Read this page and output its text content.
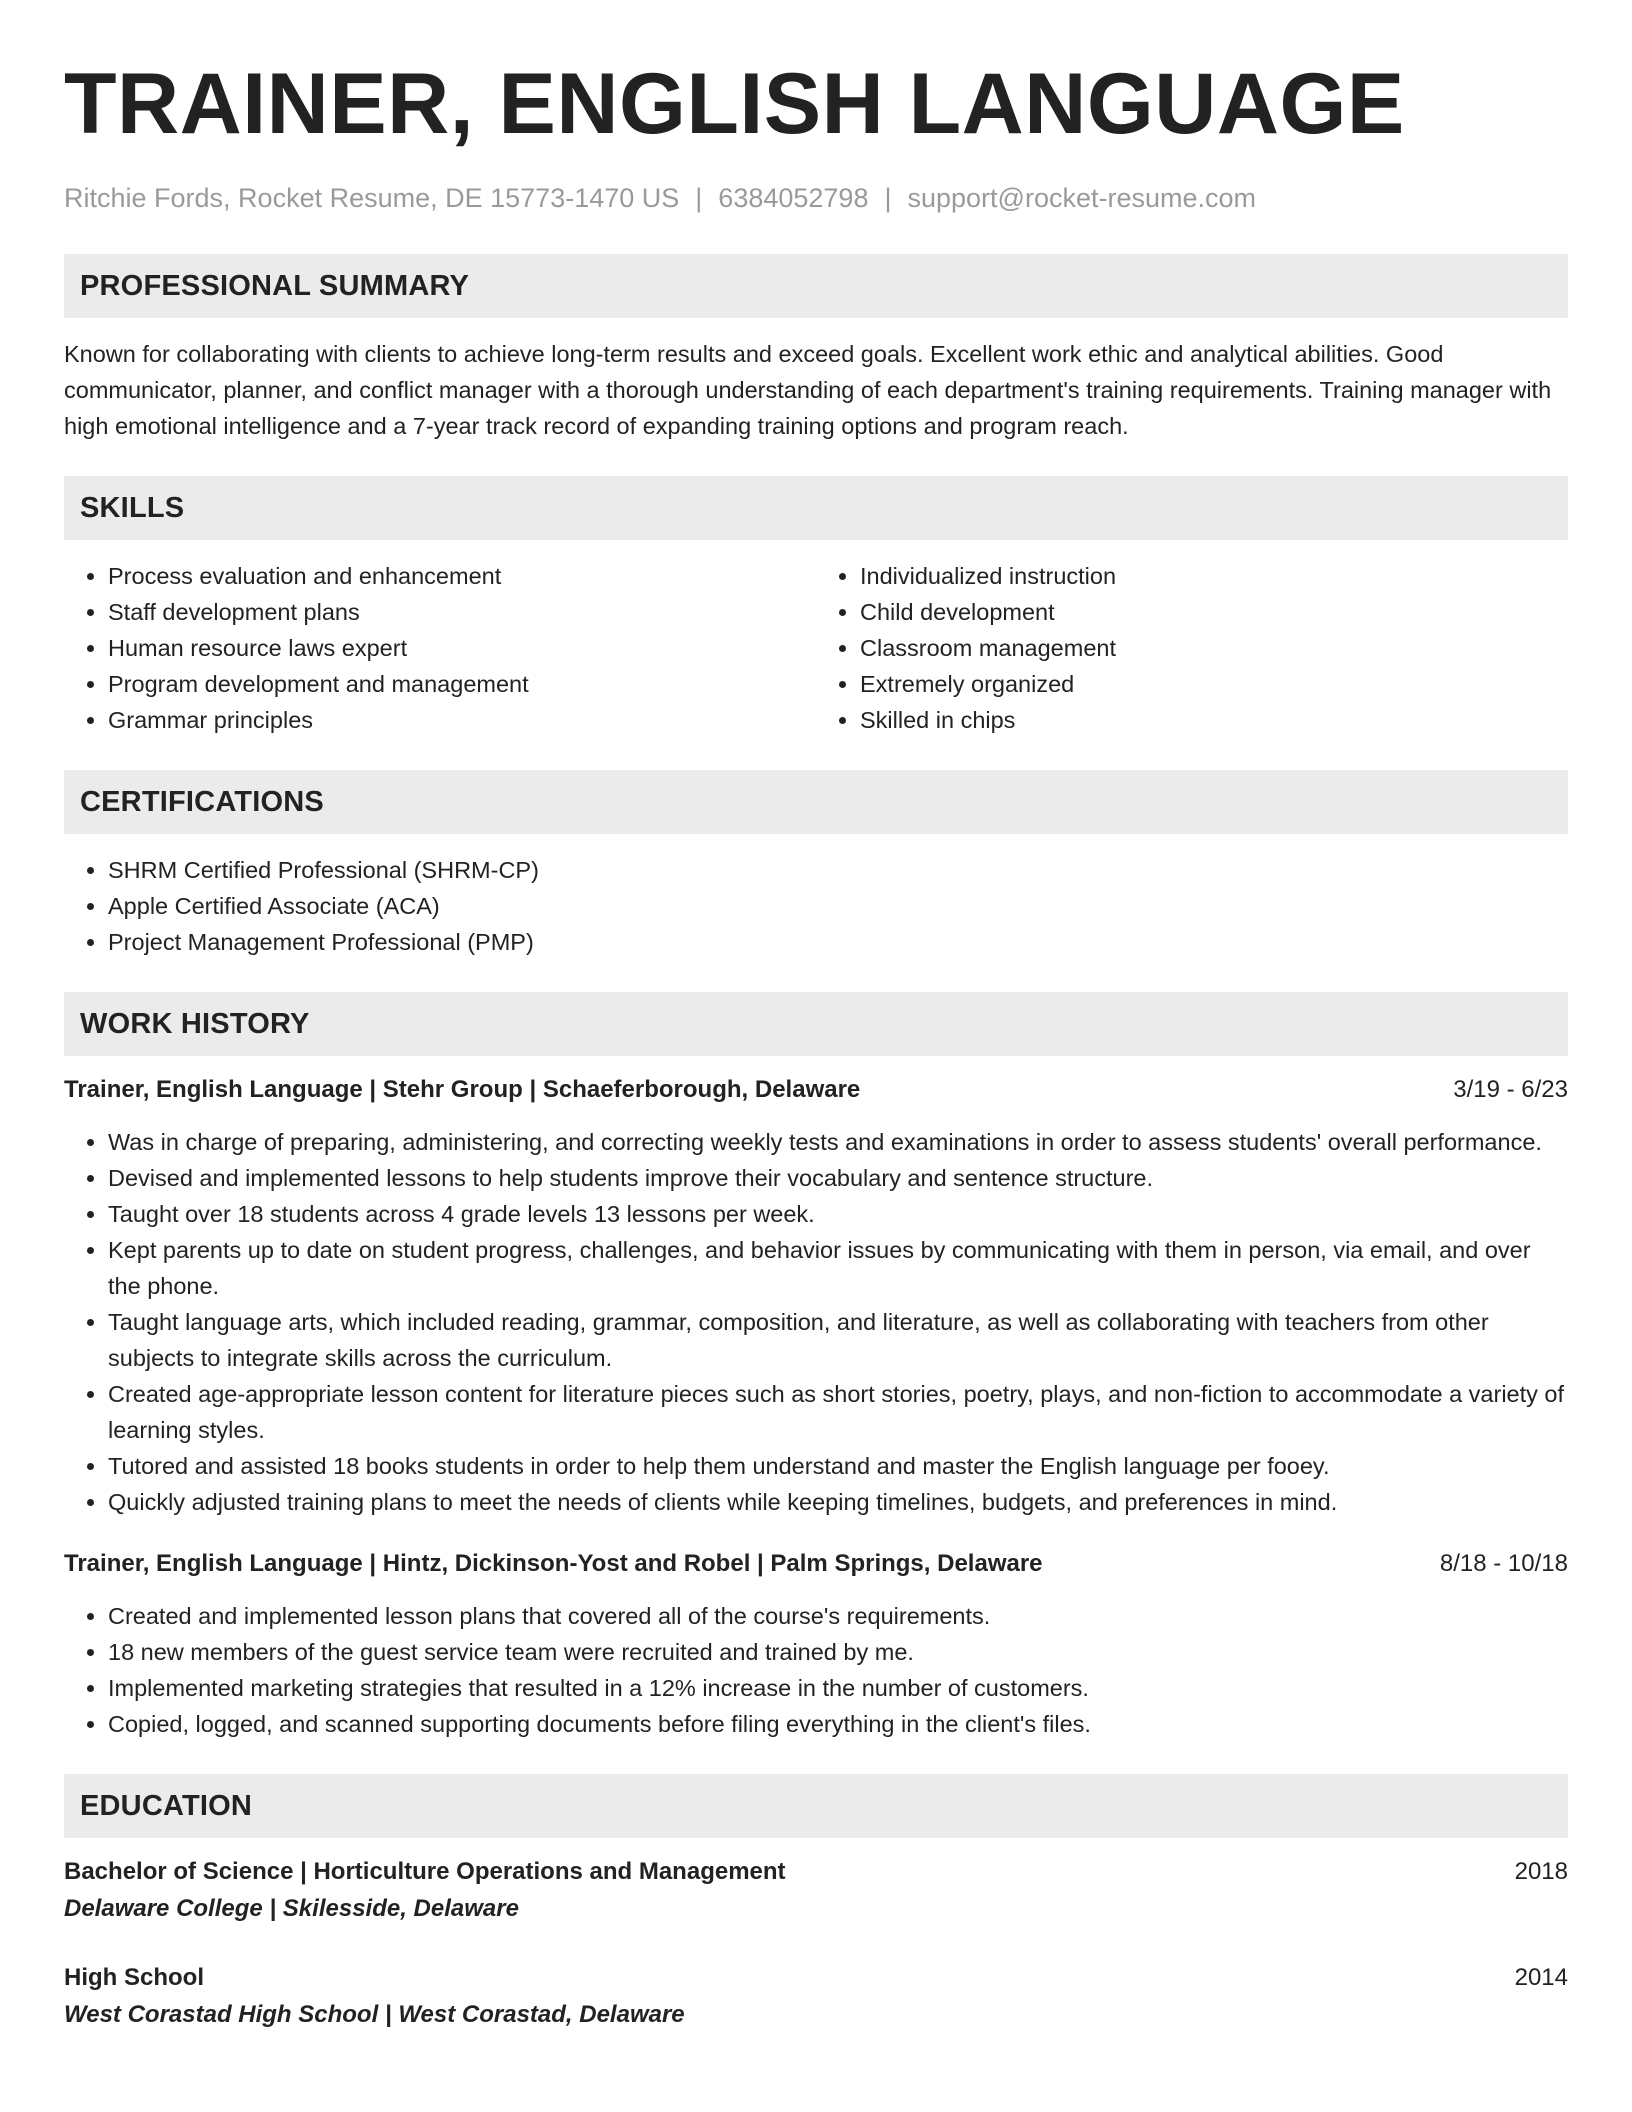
TRAINER, ENGLISH LANGUAGE
Ritchie Fords, Rocket Resume, DE 15773-1470 US | 6384052798 | support@rocket-resume.com
PROFESSIONAL SUMMARY

Known for collaborating with clients to achieve long-term results and exceed goals. Excellent work ethic and analytical abilities. Good communicator, planner, and conflict manager with a thorough understanding of each department's training requirements. Training manager with high emotional intelligence and a 7-year track record of expanding training options and program reach.

SKILLS
• Process evaluation and enhancement
• Staff development plans
• Human resource laws expert
• Program development and management
• Grammar principles
• Individualized instruction
• Child development
• Classroom management
• Extremely organized
• Skilled in chips
CERTIFICATIONS
• SHRM Certified Professional (SHRM-CP)
• Apple Certified Associate (ACA)
• Project Management Professional (PMP)
WORK HISTORY
Trainer, English Language | Stehr Group | Schaeferborough, Delaware	3/19 - 6/23
• Was in charge of preparing, administering, and correcting weekly tests and examinations in order to assess students' overall performance.
• Devised and implemented lessons to help students improve their vocabulary and sentence structure.
• Taught over 18 students across 4 grade levels 13 lessons per week.
• Kept parents up to date on student progress, challenges, and behavior issues by communicating with them in person, via email, and over the phone.
• Taught language arts, which included reading, grammar, composition, and literature, as well as collaborating with teachers from other subjects to integrate skills across the curriculum.
• Created age-appropriate lesson content for literature pieces such as short stories, poetry, plays, and non-fiction to accommodate a variety of learning styles.
• Tutored and assisted 18 books students in order to help them understand and master the English language per fooey.
• Quickly adjusted training plans to meet the needs of clients while keeping timelines, budgets, and preferences in mind.
Trainer, English Language | Hintz, Dickinson-Yost and Robel | Palm Springs, Delaware	8/18 - 10/18
• Created and implemented lesson plans that covered all of the course's requirements.
• 18 new members of the guest service team were recruited and trained by me.
• Implemented marketing strategies that resulted in a 12% increase in the number of customers.
• Copied, logged, and scanned supporting documents before filing everything in the client's files.
EDUCATION
Bachelor of Science | Horticulture Operations and Management	2018
Delaware College | Skilesside, Delaware
High School	2014
West Corastad High School | West Corastad, Delaware
